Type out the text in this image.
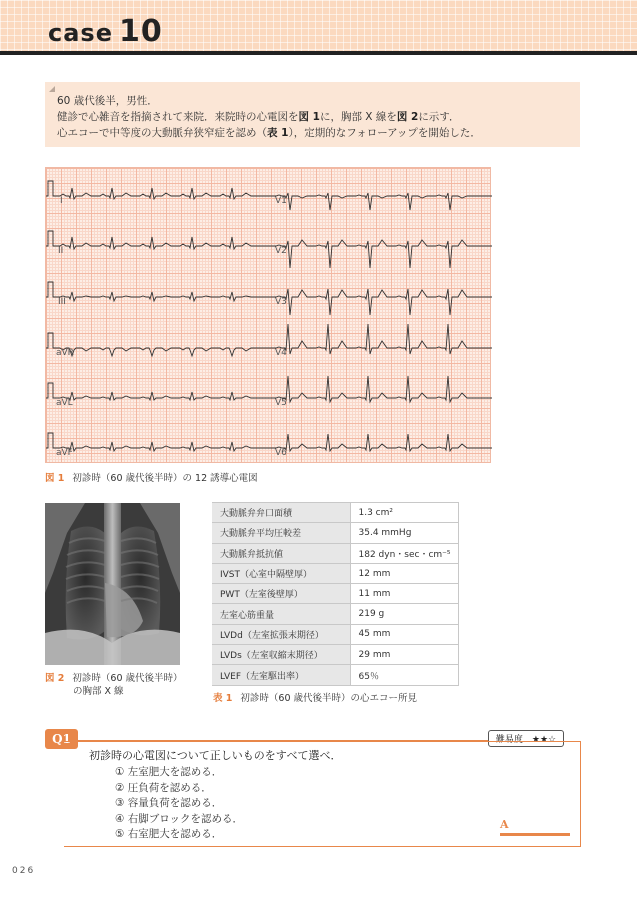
case 10
60 歳代後半，男性．
健診で心雑音を指摘されて来院．来院時の心電図を図 1に，胸部 X 線を図 2に示す．
心エコーで中等度の大動脈弁狭窄症を認め（表 1），定期的なフォローアップを開始した．
I
II
III
aVR
aVL
aVF
V1
V2
V3
V4
V5
V6
図 1 初診時（60 歳代後半時）の 12 誘導心電図
図 2 初診時（60 歳代後半時）
の胸部 X 線
大動脈弁弁口面積	1.3 cm²
大動脈弁平均圧較差	35.4 mmHg
大動脈弁抵抗値	182 dyn・sec・cm⁻⁵
IVST（心室中隔壁厚）	12 mm
PWT（左室後壁厚）	11 mm
左室心筋重量	219 g
LVDd（左室拡張末期径）	45 mm
LVDs（左室収縮末期径）	29 mm
LVEF（左室駆出率）	65％
表 1 初診時（60 歳代後半時）の心エコー所見
Q1	難易度　★★☆
初診時の心電図について正しいものをすべて選べ．
① 左室肥大を認める．
② 圧負荷を認める．
③ 容量負荷を認める．
④ 右脚ブロックを認める．
⑤ 右室肥大を認める．
A
026
